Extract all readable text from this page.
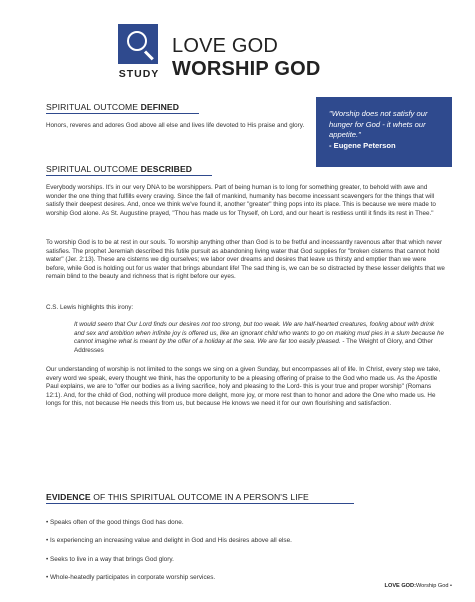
STUDY
LOVE GOD
WORSHIP GOD
SPIRITUAL OUTCOME DEFINED
Honors, reveres and adores God above all else and lives life devoted to His praise and glory.
"Worship does not satisfy our hunger for God - it whets our appetite."
- Eugene Peterson
SPIRITUAL OUTCOME DESCRIBED
Everybody worships. It's in our very DNA to be worshippers. Part of being human is to long for something greater, to behold with awe and wonder the one thing that fulfills every craving. Since the fall of mankind, humanity has become incessant scavengers for the things that will satisfy their deepest desires. And, once we think we've found it, another "greater" thing pops into its place. This is because we were made to worship God alone. As St. Augustine prayed, "Thou has made us for Thyself, oh Lord, and our heart is restless until it finds its rest in Thee."
To worship God is to be at rest in our souls. To worship anything other than God is to be fretful and incessantly ravenous after that which never satisfies. The prophet Jeremiah described this futile pursuit as abandoning living water that God supplies for "broken cisterns that cannot hold water" (Jer. 2:13). These are cisterns we dig ourselves; we labor over dreams and desires that leave us thirsty and emptier than we were before, while God is holding out for us water that brings abundant life! The sad thing is, we can be so distracted by these lesser delights that we remain blind to the beauty and richness that is right before our eyes.
C.S. Lewis highlights this irony:
It would seem that Our Lord finds our desires not too strong, but too weak. We are half-hearted creatures, fooling about with drink and sex and ambition when infinite joy is offered us, like an ignorant child who wants to go on making mud pies in a slum because he cannot imagine what is meant by the offer of a holiday at the sea. We are far too easily pleased. - The Weight of Glory, and Other Addresses
Our understanding of worship is not limited to the songs we sing on a given Sunday, but encompasses all of life. In Christ, every step we take, every word we speak, every thought we think, has the opportunity to be a pleasing offering of praise to the God who made us. As the Apostle Paul explains, we are to "offer our bodies as a living sacrifice, holy and pleasing to the Lord- this is your true and proper worship" (Romans 12:1). And, for the child of God, nothing will produce more delight, more joy, or more rest than to honor and adore the One who made us. He longs for this, not because He needs this from us, but because He knows we need it for our own flourishing and satisfaction.
EVIDENCE OF THIS SPIRITUAL OUTCOME IN A PERSON'S LIFE
• Speaks often of the good things God has done.
• Is experiencing an increasing value and delight in God and His desires above all else.
• Seeks to live in a way that brings God glory.
• Whole-heatedly participates in corporate worship services.
LOVE GOD:Worship God •
